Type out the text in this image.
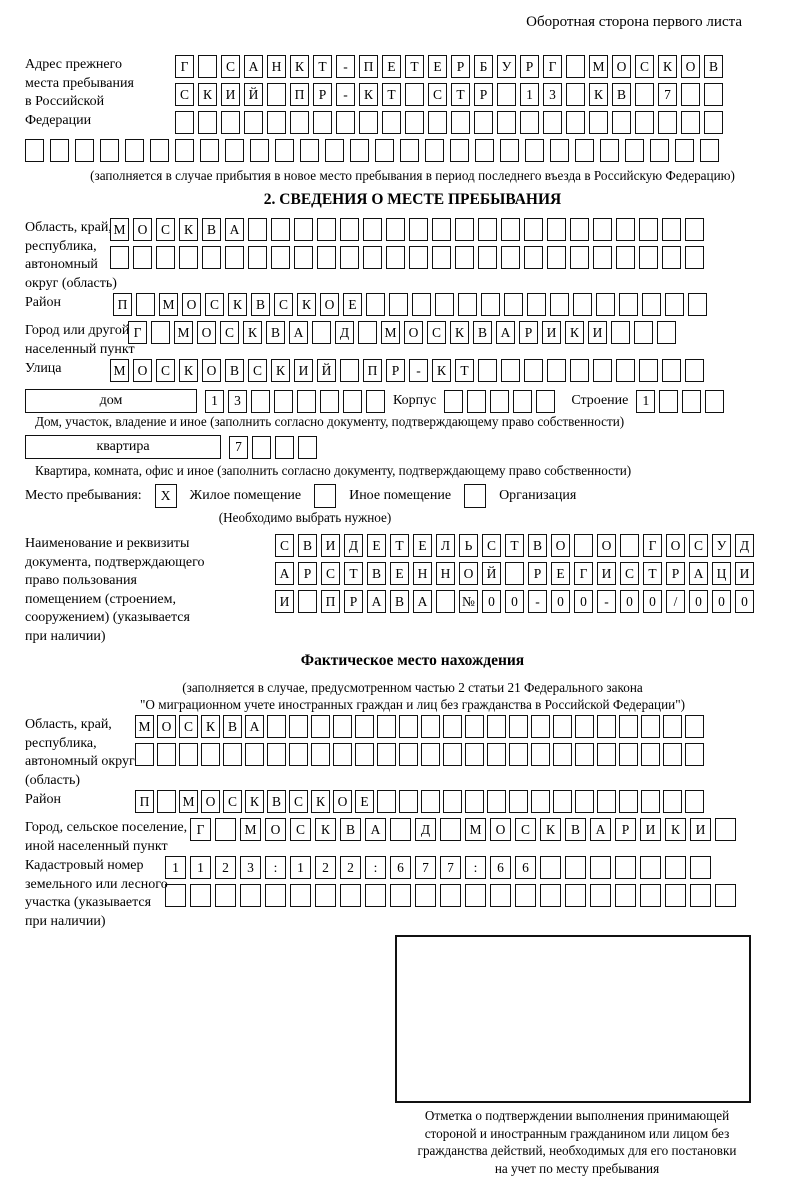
Оборотная сторона первого листа
Адрес прежнего
места пребывания
в Российской
Федерации
Г	С	А Н	К	Т	-	П	Е	Т	Е	Р	Б	У	Р	Г	М О	С	К	О	В
С	К	И Й	П	Р	-	К	Т	С	Т	Р	1	3	К	В	7
(заполняется в случае прибытия в новое место пребывания в период последнего въезда в Российскую Федерацию)
2. СВЕДЕНИЯ О МЕСТЕ ПРЕБЫВАНИЯ
Область, край,
республика,
автономный
округ (область)
М О	С	К	В	А
Район	П	М О	С	К	В	С	К	О	Е
Город или другой
населенный пункт
Г	М О	С	К	В	А	Д	М О	С	К	В	А	Р	И	К	И
Улица	М О	С	К	О	В	С	К	И Й	П	Р	-	К	Т
дом	1	3	Корпус	Строение	1
Дом, участок, владение и иное (заполнить согласно документу, подтверждающему право собственности)
квартира	7
Квартира, комната, офис и иное (заполнить согласно документу, подтверждающему право собственности)
Место пребывания:	X	Жилое помещение	Иное помещение	Организация
(Необходимо выбрать нужное)
Наименование и реквизиты
документа, подтверждающего
право пользования
помещением (строением,
сооружением) (указывается
при наличии)
С	В	И	Д	Е	Т	Е	Л	Ь	С	Т	В	О	О	Г	О	С	У	Д
А	Р	С	Т	В	Е	Н Н О Й	Р	Е	Г	И	С	Т	Р	А Ц И
И	П	Р	А	В	А	№ 0	0	-	0	0	-	0	0	/	0	0	0
Фактическое место нахождения
(заполняется в случае, предусмотренном частью 2 статьи 21 Федерального закона
"О миграционном учете иностранных граждан и лиц без гражданства в Российской Федерации")
Область, край,
республика,
автономный округ
(область)
М О С К В А
Район	П	М О С К В С К О Е
Город, сельское поселение,
иной населенный пункт
Г	М	О	С	К	В	А	Д	М	О	С	К	В	А	Р	И	К	И
Кадастровый номер
земельного или лесного
участка (указывается
при наличии)
1	1	2	3	:	1	2	2	:	6	7	7	:	6	6
Отметка о подтверждении выполнения принимающей
стороной и иностранным гражданином или лицом без
гражданства действий, необходимых для его постановки
на учет по месту пребывания
